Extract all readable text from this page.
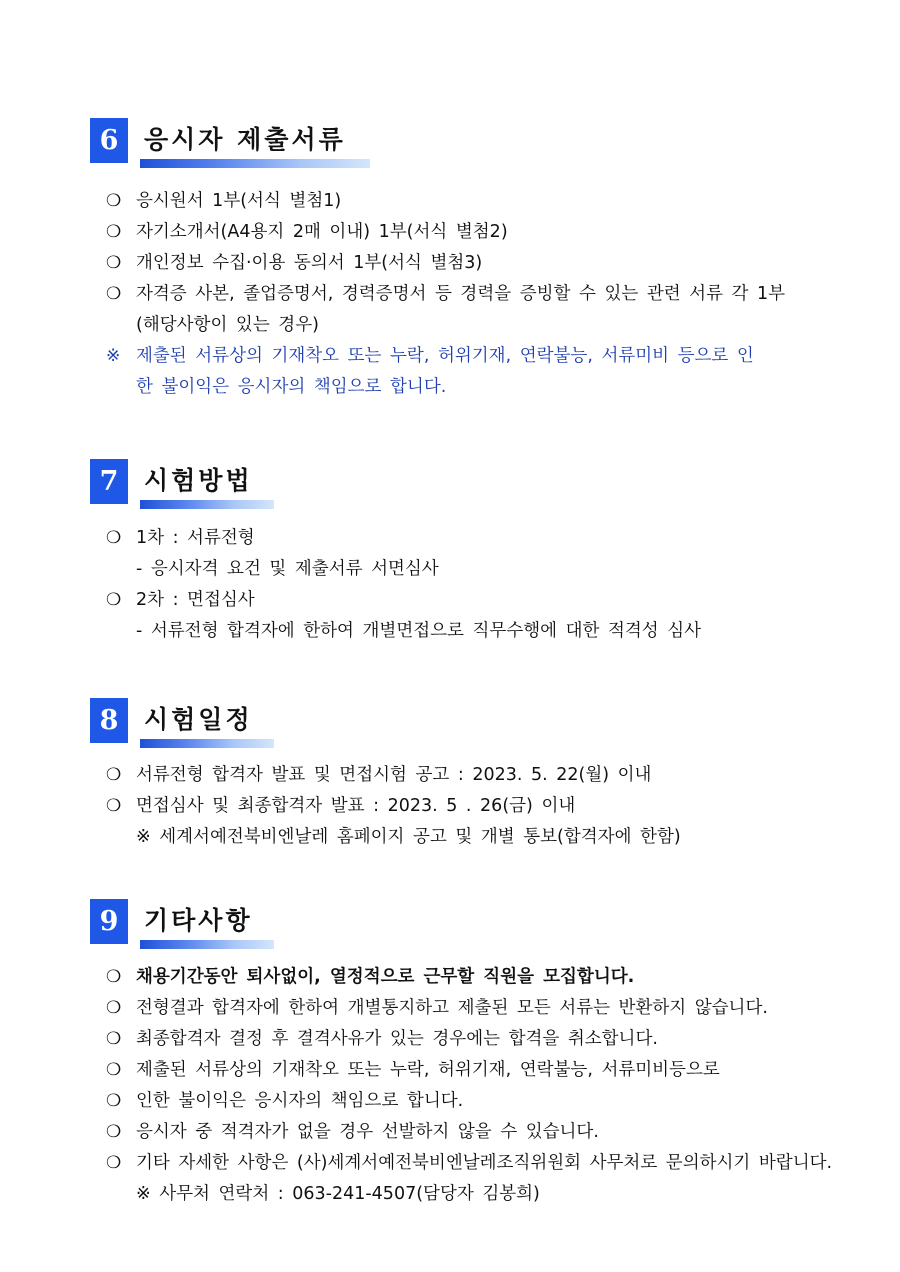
6	응시자 제출서류
❍ 응시원서 1부(서식 별첨1)
❍ 자기소개서(A4용지 2매 이내) 1부(서식 별첨2)
❍ 개인정보 수집·이용 동의서 1부(서식 별첨3)
❍ 자격증 사본, 졸업증명서, 경력증명서 등 경력을 증빙할 수 있는 관련 서류 각 1부
(해당사항이 있는 경우)
※ 제출된 서류상의 기재착오 또는 누락, 허위기재, 연락불능, 서류미비 등으로 인
한 불이익은 응시자의 책임으로 합니다.
7	시험방법
❍ 1차 : 서류전형
- 응시자격 요건 및 제출서류 서면심사
❍ 2차 : 면접심사
- 서류전형 합격자에 한하여 개별면접으로 직무수행에 대한 적격성 심사
8	시험일정
❍ 서류전형 합격자 발표 및 면접시험 공고 : 2023. 5. 22(월) 이내
❍ 면접심사 및 최종합격자 발표 : 2023. 5 . 26(금) 이내
※ 세계서예전북비엔날레 홈페이지 공고 및 개별 통보(합격자에 한함)
9	기타사항
❍ 채용기간동안 퇴사없이, 열정적으로 근무할 직원을 모집합니다.
❍ 전형결과 합격자에 한하여 개별통지하고 제출된 모든 서류는 반환하지 않습니다.
❍ 최종합격자 결정 후 결격사유가 있는 경우에는 합격을 취소합니다.
❍ 제출된 서류상의 기재착오 또는 누락, 허위기재, 연락불능, 서류미비등으로
❍ 인한 불이익은 응시자의 책임으로 합니다.
❍ 응시자 중 적격자가 없을 경우 선발하지 않을 수 있습니다.
❍ 기타 자세한 사항은 (사)세계서예전북비엔날레조직위원회 사무처로 문의하시기 바랍니다.
※ 사무처 연락처 : 063-241-4507(담당자 김봉희)
